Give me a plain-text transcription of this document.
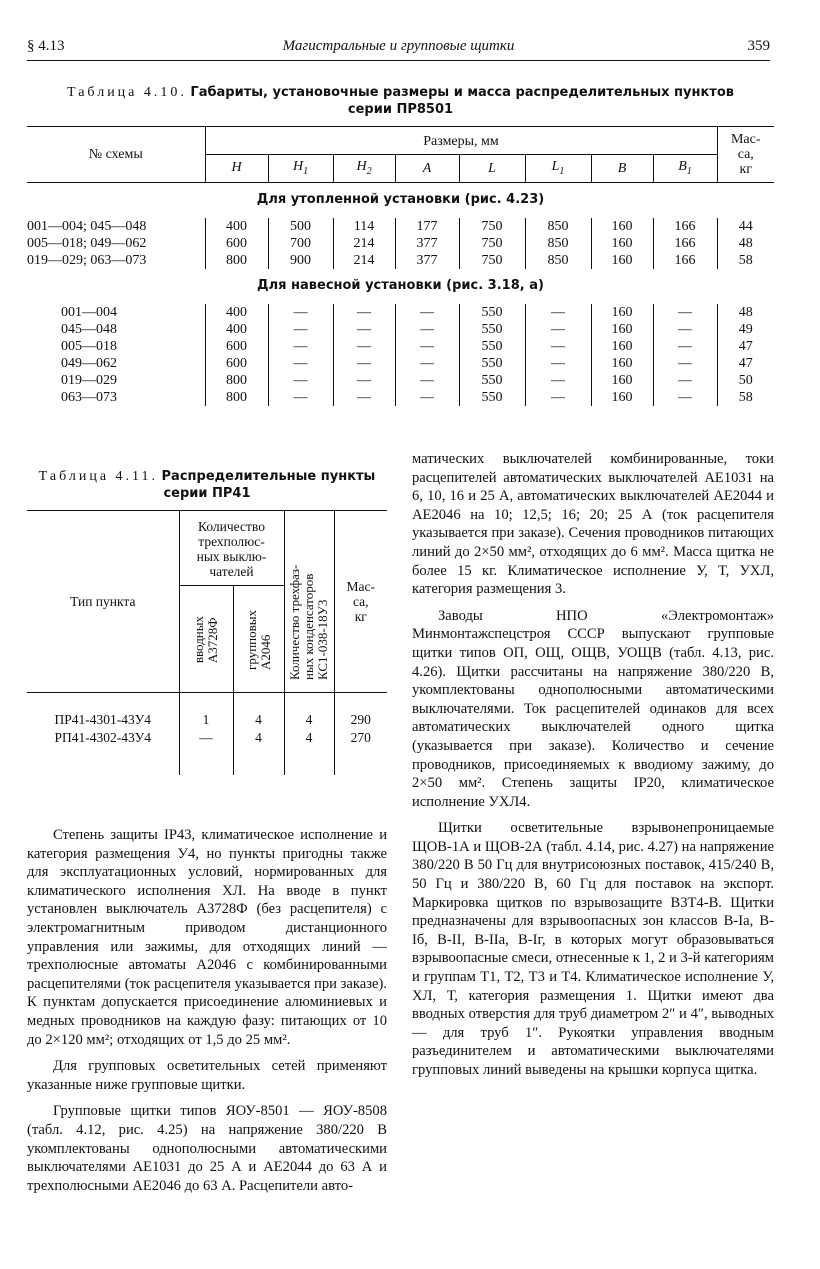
§ 4.13	Магистральные и групповые щитки	359
Таблица 4.10. Габариты, установочные размеры и масса распределительных пунктов
серии ПР8501
№ схемы	Размеры, мм								Мас-
са,
кг
	H	$H_1$	$H_2$	A	L	$L_1$	B	$B_1$
Для утопленной установки (рис. 4.23)									
001—004; 045—048	400	500	114	177	750	850	160	166	44
005—018; 049—062	600	700	214	377	750	850	160	166	48
019—029; 063—073	800	900	214	377	750	850	160	166	58
Для навесной установки (рис. 3.18, а)									
001—004	400	—	—	—	550	—	160	—	48
045—048	400	—	—	—	550	—	160	—	49
005—018	600	—	—	—	550	—	160	—	47
049—062	600	—	—	—	550	—	160	—	47
019—029	800	—	—	—	550	—	160	—	50
063—073	800	—	—	—	550	—	160	—	58
Таблица 4.11. Распределительные пункты
серии ПР41
Тип пункта	Количество
трехполюс-
ных выклю-
чателей		Количество трехфаз-
ных конденсаторов
КС1-038-18У3	Мас-
са,
кг
	вводных
А3728Ф	групповых
А2046		

ПР41-4301-43У4	1	4	4	290
РП41-4302-43У4	—	4	4	270

Степень защиты IP43, климатическое исполнение и категория размещения У4, но пункты пригодны также для эксплуатационных условий, нормированных для климатического исполнения ХЛ. На вводе в пункт установлен выключатель А3728Ф (без расцепителя) с электромагнитным приводом дистанционного управления или зажимы, для отходящих линий — трехполюсные автоматы А2046 с комбинированными расцепителями (ток расцепителя указывается при заказе). К пунктам допускается присоединение алюминиевых и медных проводников на каждую фазу: питающих от 10 до 2×120 мм²; отходящих от 1,5 до 25 мм².

Для групповых осветительных сетей применяют указанные ниже групповые щитки.

Групповые щитки типов ЯОУ-8501 — ЯОУ-8508 (табл. 4.12, рис. 4.25) на напряжение 380/220 В укомплектованы однополюсными автоматическими выключателями АЕ1031 до 25 А и АЕ2044 до 63 А и трехполюсными АЕ2046 до 63 А. Расцепители авто-

матических выключателей комбинированные, токи расцепителей автоматических выключателей АЕ1031 на 6, 10, 16 и 25 А, автоматических выключателей АЕ2044 и АЕ2046 на 10; 12,5; 16; 20; 25 А (ток расцепителя указывается при заказе). Сечения проводников питающих линий до 2×50 мм², отходящих до 6 мм². Масса щитка не более 15 кг. Климатическое исполнение У, Т, УХЛ, категория размещения 3.

Заводы НПО «Электромонтаж» Минмонтажспецстроя СССР выпускают групповые щитки типов ОП, ОЩ, ОЩВ, УОЩВ (табл. 4.13, рис. 4.26). Щитки рассчитаны на напряжение 380/220 В, укомплектованы однополюсными автоматическими выключателями. Ток расцепителей одинаков для всех автоматических выключателей одного щитка (указывается при заказе). Количество и сечение проводников, присоединяемых к вводиому зажиму, до 2×50 мм². Степень защиты IP20, климатическое исполнение УХЛ4.

Щитки осветительные взрывонепроницаемые ЩОВ-1А и ЩОВ-2А (табл. 4.14, рис. 4.27) на напряжение 380/220 В 50 Гц для внутрисоюзных поставок, 415/240 В, 50 Гц и 380/220 В, 60 Гц для поставок на экспорт. Маркировка щитков по взрывозащите В3Т4-В. Щитки предназначены для взрывоопасных зон классов В-Iа, В-Iб, В-II, В-IIа, В-Iг, в которых могут образовываться взрывоопасные смеси, отнесенные к 1, 2 и 3-й категориям и группам Т1, Т2, Т3 и Т4. Климатическое исполнение У, ХЛ, Т, категория размещения 1. Щитки имеют два вводных отверстия для труб диаметром 2″ и 4″, выводных — для труб 1″. Рукоятки управления вводным разъединителем и автоматическими выключателями групповых линий выведены на крышки корпуса щитка.
